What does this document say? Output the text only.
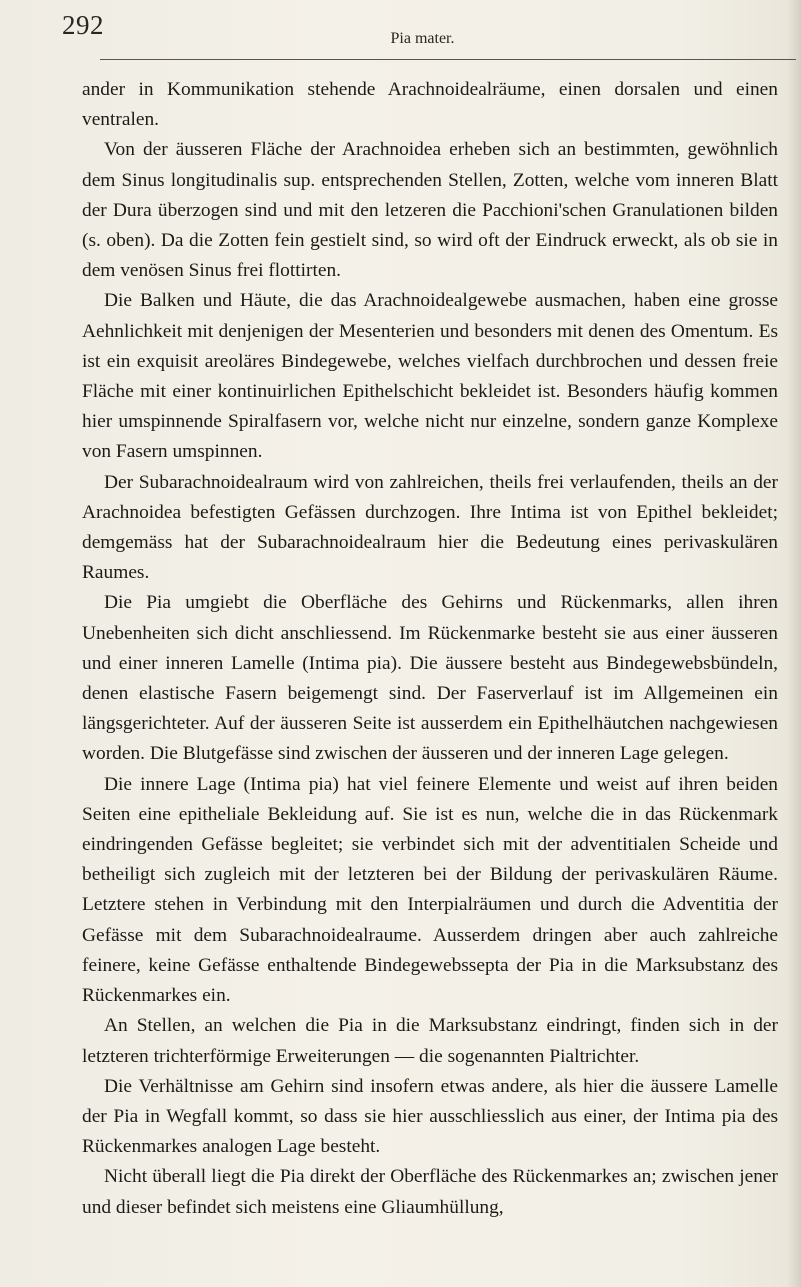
292	Pia mater.

ander in Kommunikation stehende Arachnoidealräume, einen dorsalen und einen ventralen.

Von der äusseren Fläche der Arachnoidea erheben sich an bestimmten, gewöhnlich dem Sinus longitudinalis sup. entsprechenden Stellen, Zotten, welche vom inneren Blatt der Dura überzogen sind und mit den letzeren die Pacchioni'schen Granulationen bilden (s. oben). Da die Zotten fein gestielt sind, so wird oft der Eindruck erweckt, als ob sie in dem venösen Sinus frei flottirten.

Die Balken und Häute, die das Arachnoidealgewebe ausmachen, haben eine grosse Aehnlichkeit mit denjenigen der Mesenterien und besonders mit denen des Omentum. Es ist ein exquisit areoläres Bindegewebe, welches vielfach durchbrochen und dessen freie Fläche mit einer kontinuirlichen Epithelschicht bekleidet ist. Besonders häufig kommen hier umspinnende Spiralfasern vor, welche nicht nur einzelne, sondern ganze Komplexe von Fasern umspinnen.

Der Subarachnoidealraum wird von zahlreichen, theils frei verlaufenden, theils an der Arachnoidea befestigten Gefässen durchzogen. Ihre Intima ist von Epithel bekleidet; demgemäss hat der Subarachnoidealraum hier die Bedeutung eines perivaskulären Raumes.

Die Pia umgiebt die Oberfläche des Gehirns und Rückenmarks, allen ihren Unebenheiten sich dicht anschliessend. Im Rückenmarke besteht sie aus einer äusseren und einer inneren Lamelle (Intima pia). Die äussere besteht aus Bindegewebsbündeln, denen elastische Fasern beigemengt sind. Der Faserverlauf ist im Allgemeinen ein längsgerichteter. Auf der äusseren Seite ist ausserdem ein Epithelhäutchen nachgewiesen worden. Die Blutgefässe sind zwischen der äusseren und der inneren Lage gelegen.

Die innere Lage (Intima pia) hat viel feinere Elemente und weist auf ihren beiden Seiten eine epitheliale Bekleidung auf. Sie ist es nun, welche die in das Rückenmark eindringenden Gefässe begleitet; sie verbindet sich mit der adventitialen Scheide und betheiligt sich zugleich mit der letzteren bei der Bildung der perivaskulären Räume. Letztere stehen in Verbindung mit den Interpialräumen und durch die Adventitia der Gefässe mit dem Subarachnoidealraume. Ausserdem dringen aber auch zahlreiche feinere, keine Gefässe enthaltende Bindegewebssepta der Pia in die Marksubstanz des Rückenmarkes ein.

An Stellen, an welchen die Pia in die Marksubstanz eindringt, finden sich in der letzteren trichterförmige Erweiterungen — die sogenannten Pialtrichter.

Die Verhältnisse am Gehirn sind insofern etwas andere, als hier die äussere Lamelle der Pia in Wegfall kommt, so dass sie hier ausschliesslich aus einer, der Intima pia des Rückenmarkes analogen Lage besteht.

Nicht überall liegt die Pia direkt der Oberfläche des Rückenmarkes an; zwischen jener und dieser befindet sich meistens eine Gliaumhüllung,
